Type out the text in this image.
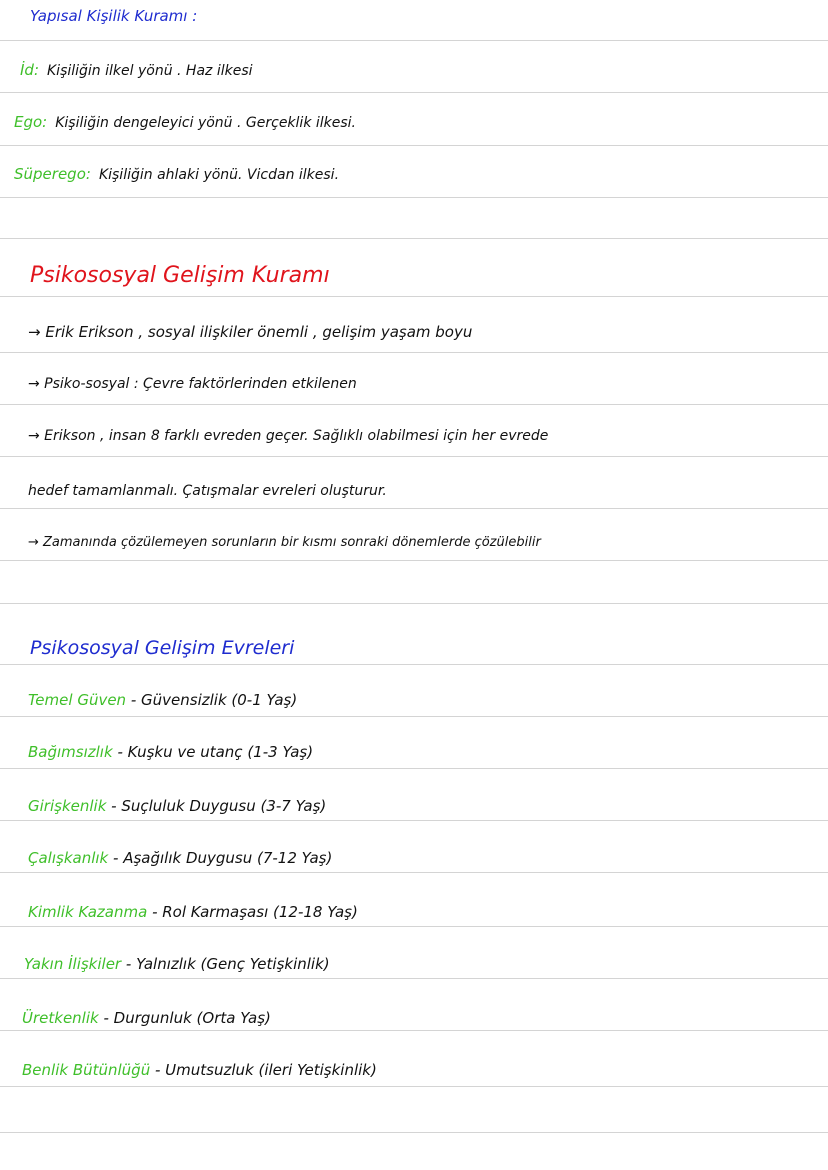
Yapısal Kişilik Kuramı :
İd: Kişiliğin ilkel yönü . Haz ilkesi
Ego: Kişiliğin dengeleyici yönü . Gerçeklik ilkesi.
Süperego: Kişiliğin ahlaki yönü. Vicdan ilkesi.
Psikososyal Gelişim Kuramı
→ Erik Erikson , sosyal ilişkiler önemli , gelişim yaşam boyu
→ Psiko-sosyal : Çevre faktörlerinden etkilenen
→ Erikson , insan 8 farklı evreden geçer. Sağlıklı olabilmesi için her evrede
hedef tamamlanmalı. Çatışmalar evreleri oluşturur.
→ Zamanında çözülemeyen sorunların bir kısmı sonraki dönemlerde çözülebilir
Psikososyal Gelişim Evreleri
Temel Güven - Güvensizlik (0-1 Yaş)
Bağımsızlık - Kuşku ve utanç (1-3 Yaş)
Girişkenlik - Suçluluk Duygusu (3-7 Yaş)
Çalışkanlık - Aşağılık Duygusu (7-12 Yaş)
Kimlik Kazanma - Rol Karmaşası (12-18 Yaş)
Yakın İlişkiler - Yalnızlık (Genç Yetişkinlik)
Üretkenlik - Durgunluk (Orta Yaş)
Benlik Bütünlüğü - Umutsuzluk (ileri Yetişkinlik)
